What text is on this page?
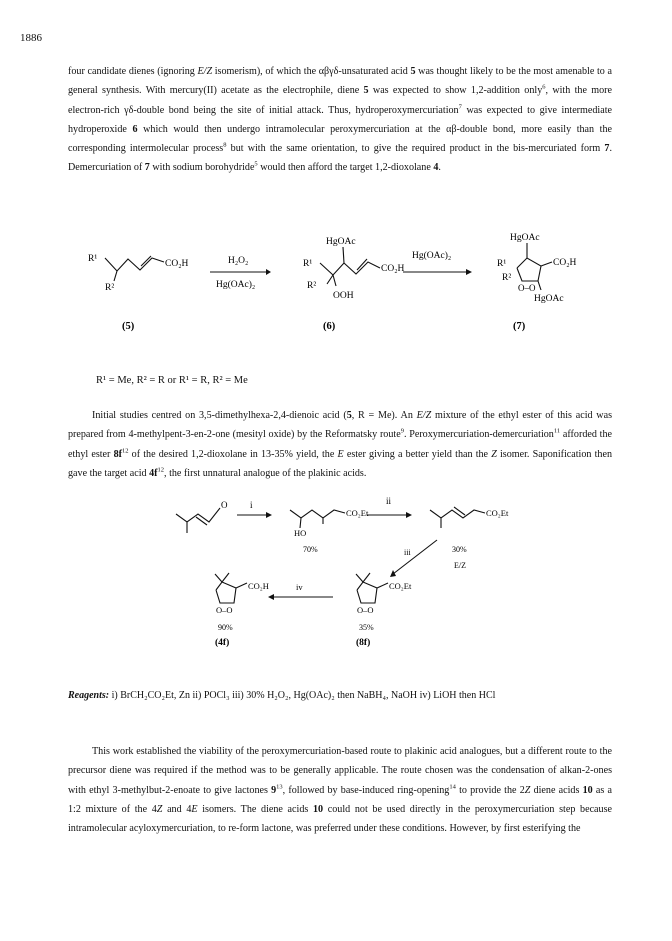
1886

four candidate dienes (ignoring E/Z isomerism), of which the αβγδ-unsaturated acid 5 was thought likely to be the most amenable to a general synthesis. With mercury(II) acetate as the electrophile, diene 5 was expected to show 1,2-addition only$^6$, with the more electron-rich γδ-double bond being the site of initial attack. Thus, hydroperoxymercuriation$^7$ was expected to give intermediate hydroperoxide 6 which would then undergo intramolecular peroxymercuriation at the αβ-double bond, more easily than the corresponding intermolecular process$^8$ but with the same orientation, to give the required product in the bis-mercuriated form 7. Demercuriation of 7 with sodium borohydride$^5$ would then afford the target 1,2-dioxolane 4.

R¹
R²
CO₂H	H₂O₂
Hg(OAc)₂
HgOAc
R¹
R²
OOH
CO₂H
Hg(OAc)₂
HgOAc
R¹
R²
O–O
CO₂H
HgOAc
(5)	(6)	(7)
R¹ = Me, R² = R or R¹ = R, R² = Me

Initial studies centred on 3,5-dimethylhexa-2,4-dienoic acid (5, R = Me). An E/Z mixture of the ethyl ester of this acid was prepared from 4-methylpent-3-en-2-one (mesityl oxide) by the Reformatsky route$^9$. Peroxymercuriation-demercuriation$^{11}$ afforded the ethyl ester $8f^{12}$ of the desired 1,2-dioxolane in 13-35% yield, the E ester giving a better yield than the Z isomer. Saponification then gave the target acid $4f^{12}$, the first unnatural analogue of the plakinic acids.

O	i
CO₂Et
HO
70%
ii
CO₂Et
30%
E/Z
iii
CO₂Et
O–O
35%
(8f)
iv
CO₂H
O–O
90%
(4f)
Reagents: i) BrCH₂CO₂Et, Zn ii) POCl₃ iii) 30% H₂O₂, Hg(OAc)₂ then NaBH₄, NaOH iv) LiOH then HCl

This work established the viability of the peroxymercuriation-based route to plakinic acid analogues, but a different route to the precursor diene was required if the method was to be generally applicable. The route chosen was the condensation of alkan-2-ones with ethyl 3-methylbut-2-enoate to give lactones $9^{13}$, followed by base-induced ring-opening$^{14}$ to provide the 2Z diene acids 10 as a 1:2 mixture of the 4Z and 4E isomers. The diene acids 10 could not be used directly in the peroxymercuriation step because intramolecular acyloxymercuriation, to re-form lactone, was preferred under these conditions. However, by first esterifying the
